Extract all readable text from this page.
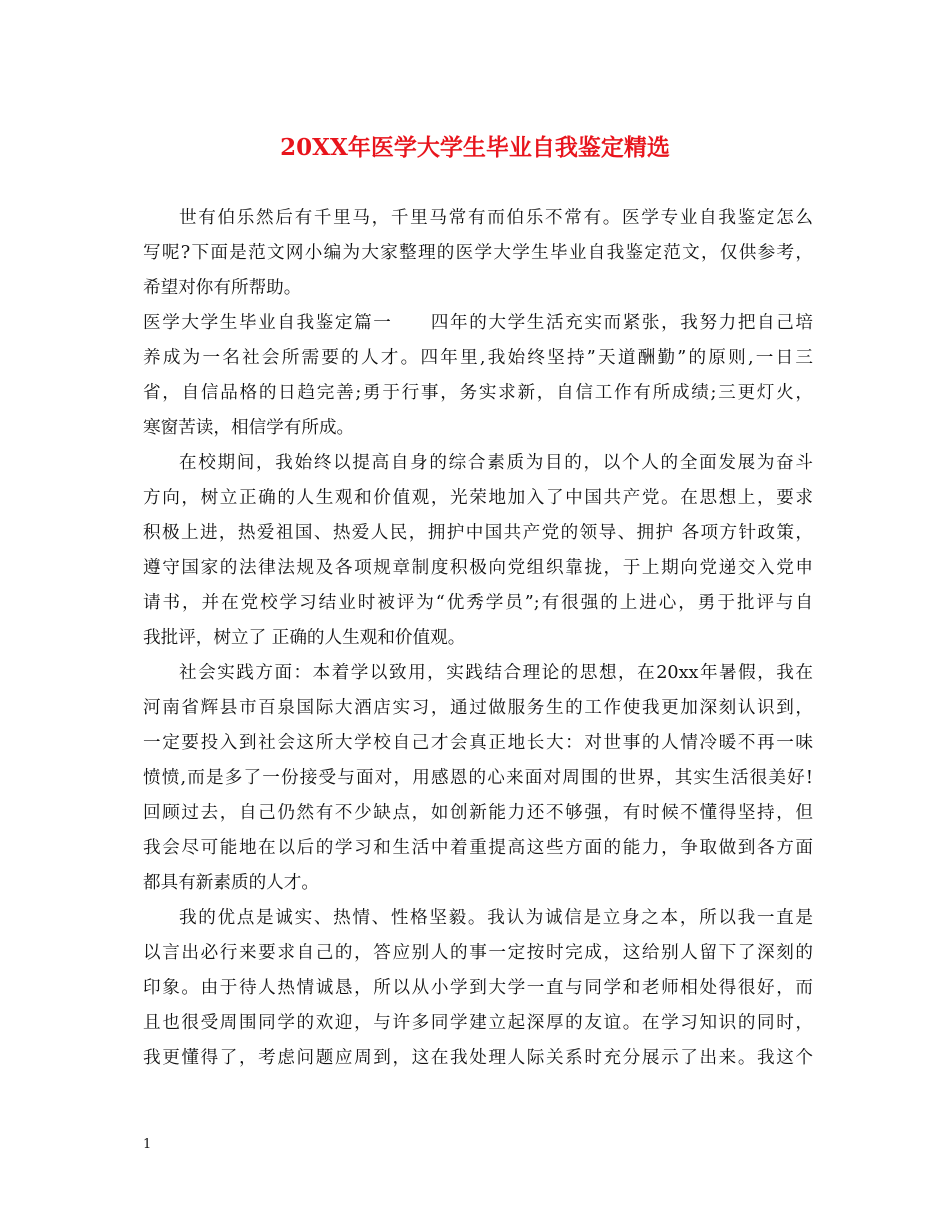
20XX年医学大学生毕业自我鉴定精选
世有伯乐然后有千里马，千里马常有而伯乐不常有。医学专业自我鉴定怎么
写呢?下面是范文网小编为大家整理的医学大学生毕业自我鉴定范文，仅供参考，
希望对你有所帮助。
医学大学生毕业自我鉴定篇一　　四年的大学生活充实而紧张，我努力把自己培
养成为一名社会所需要的人才。四年里,我始终坚持”天道酬勤”的原则,一日三
省，自信品格的日趋完善;勇于行事，务实求新，自信工作有所成绩;三更灯火，
寒窗苦读，相信学有所成。
在校期间，我始终以提高自身的综合素质为目的，以个人的全面发展为奋斗
方向，树立正确的人生观和价值观，光荣地加入了中国共产党。在思想上，要求
积极上进，热爱祖国、热爱人民，拥护中国共产党的领导、拥护 各项方针政策，
遵守国家的法律法规及各项规章制度积极向党组织靠拢，于上期向党递交入党申
请书，并在党校学习结业时被评为“优秀学员”;有很强的上进心，勇于批评与自
我批评，树立了 正确的人生观和价值观。
社会实践方面：本着学以致用，实践结合理论的思想，在20xx年暑假，我在
河南省辉县市百泉国际大酒店实习，通过做服务生的工作使我更加深刻认识到，
一定要投入到社会这所大学校自己才会真正地长大：对世事的人情冷暖不再一味
愤愤,而是多了一份接受与面对，用感恩的心来面对周围的世界，其实生活很美好!
回顾过去，自己仍然有不少缺点，如创新能力还不够强，有时候不懂得坚持，但
我会尽可能地在以后的学习和生活中着重提高这些方面的能力，争取做到各方面
都具有新素质的人才。
我的优点是诚实、热情、性格坚毅。我认为诚信是立身之本，所以我一直是
以言出必行来要求自己的，答应别人的事一定按时完成，这给别人留下了深刻的
印象。由于待人热情诚恳，所以从小学到大学一直与同学和老师相处得很好，而
且也很受周围同学的欢迎，与许多同学建立起深厚的友谊。在学习知识的同时，
我更懂得了，考虑问题应周到，这在我处理人际关系时充分展示了出来。我这个
1
